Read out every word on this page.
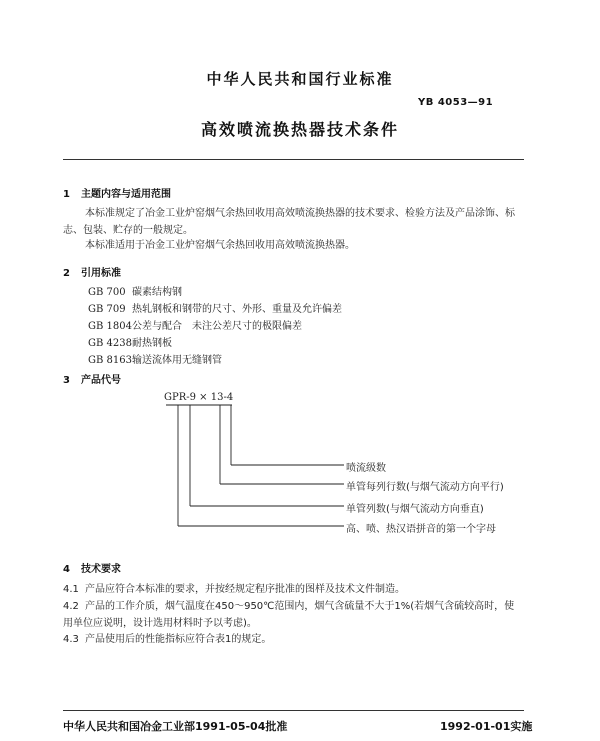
中华人民共和国行业标准
YB 4053—91
高效喷流换热器技术条件
1 主题内容与适用范围
本标准规定了冶金工业炉窑烟气余热回收用高效喷流换热器的技术要求、检验方法及产品涂饰、标志、包装、贮存的一般规定。
本标准适用于冶金工业炉窑烟气余热回收用高效喷流换热器。
2 引用标准
GB 700 碳素结构钢
GB 709 热轧钢板和钢带的尺寸、外形、重量及允许偏差
GB 1804公差与配合　未注公差尺寸的极限偏差
GB 4238耐热钢板
GB 8163输送流体用无缝钢管
3 产品代号
GPR-9 × 13-4
喷流级数
单管每列行数(与烟气流动方向平行)
单管列数(与烟气流动方向垂直)
高、喷、热汉语拼音的第一个字母
4 技术要求
4.1 产品应符合本标准的要求，并按经规定程序批准的图样及技术文件制造。
4.2 产品的工作介质，烟气温度在450～950℃范围内，烟气含硫量不大于1%(若烟气含硫较高时，使用单位应说明，设计选用材料时予以考虑)。
4.3 产品使用后的性能指标应符合表1的规定。
中华人民共和国冶金工业部1991-05-04批准	1992-01-01实施
